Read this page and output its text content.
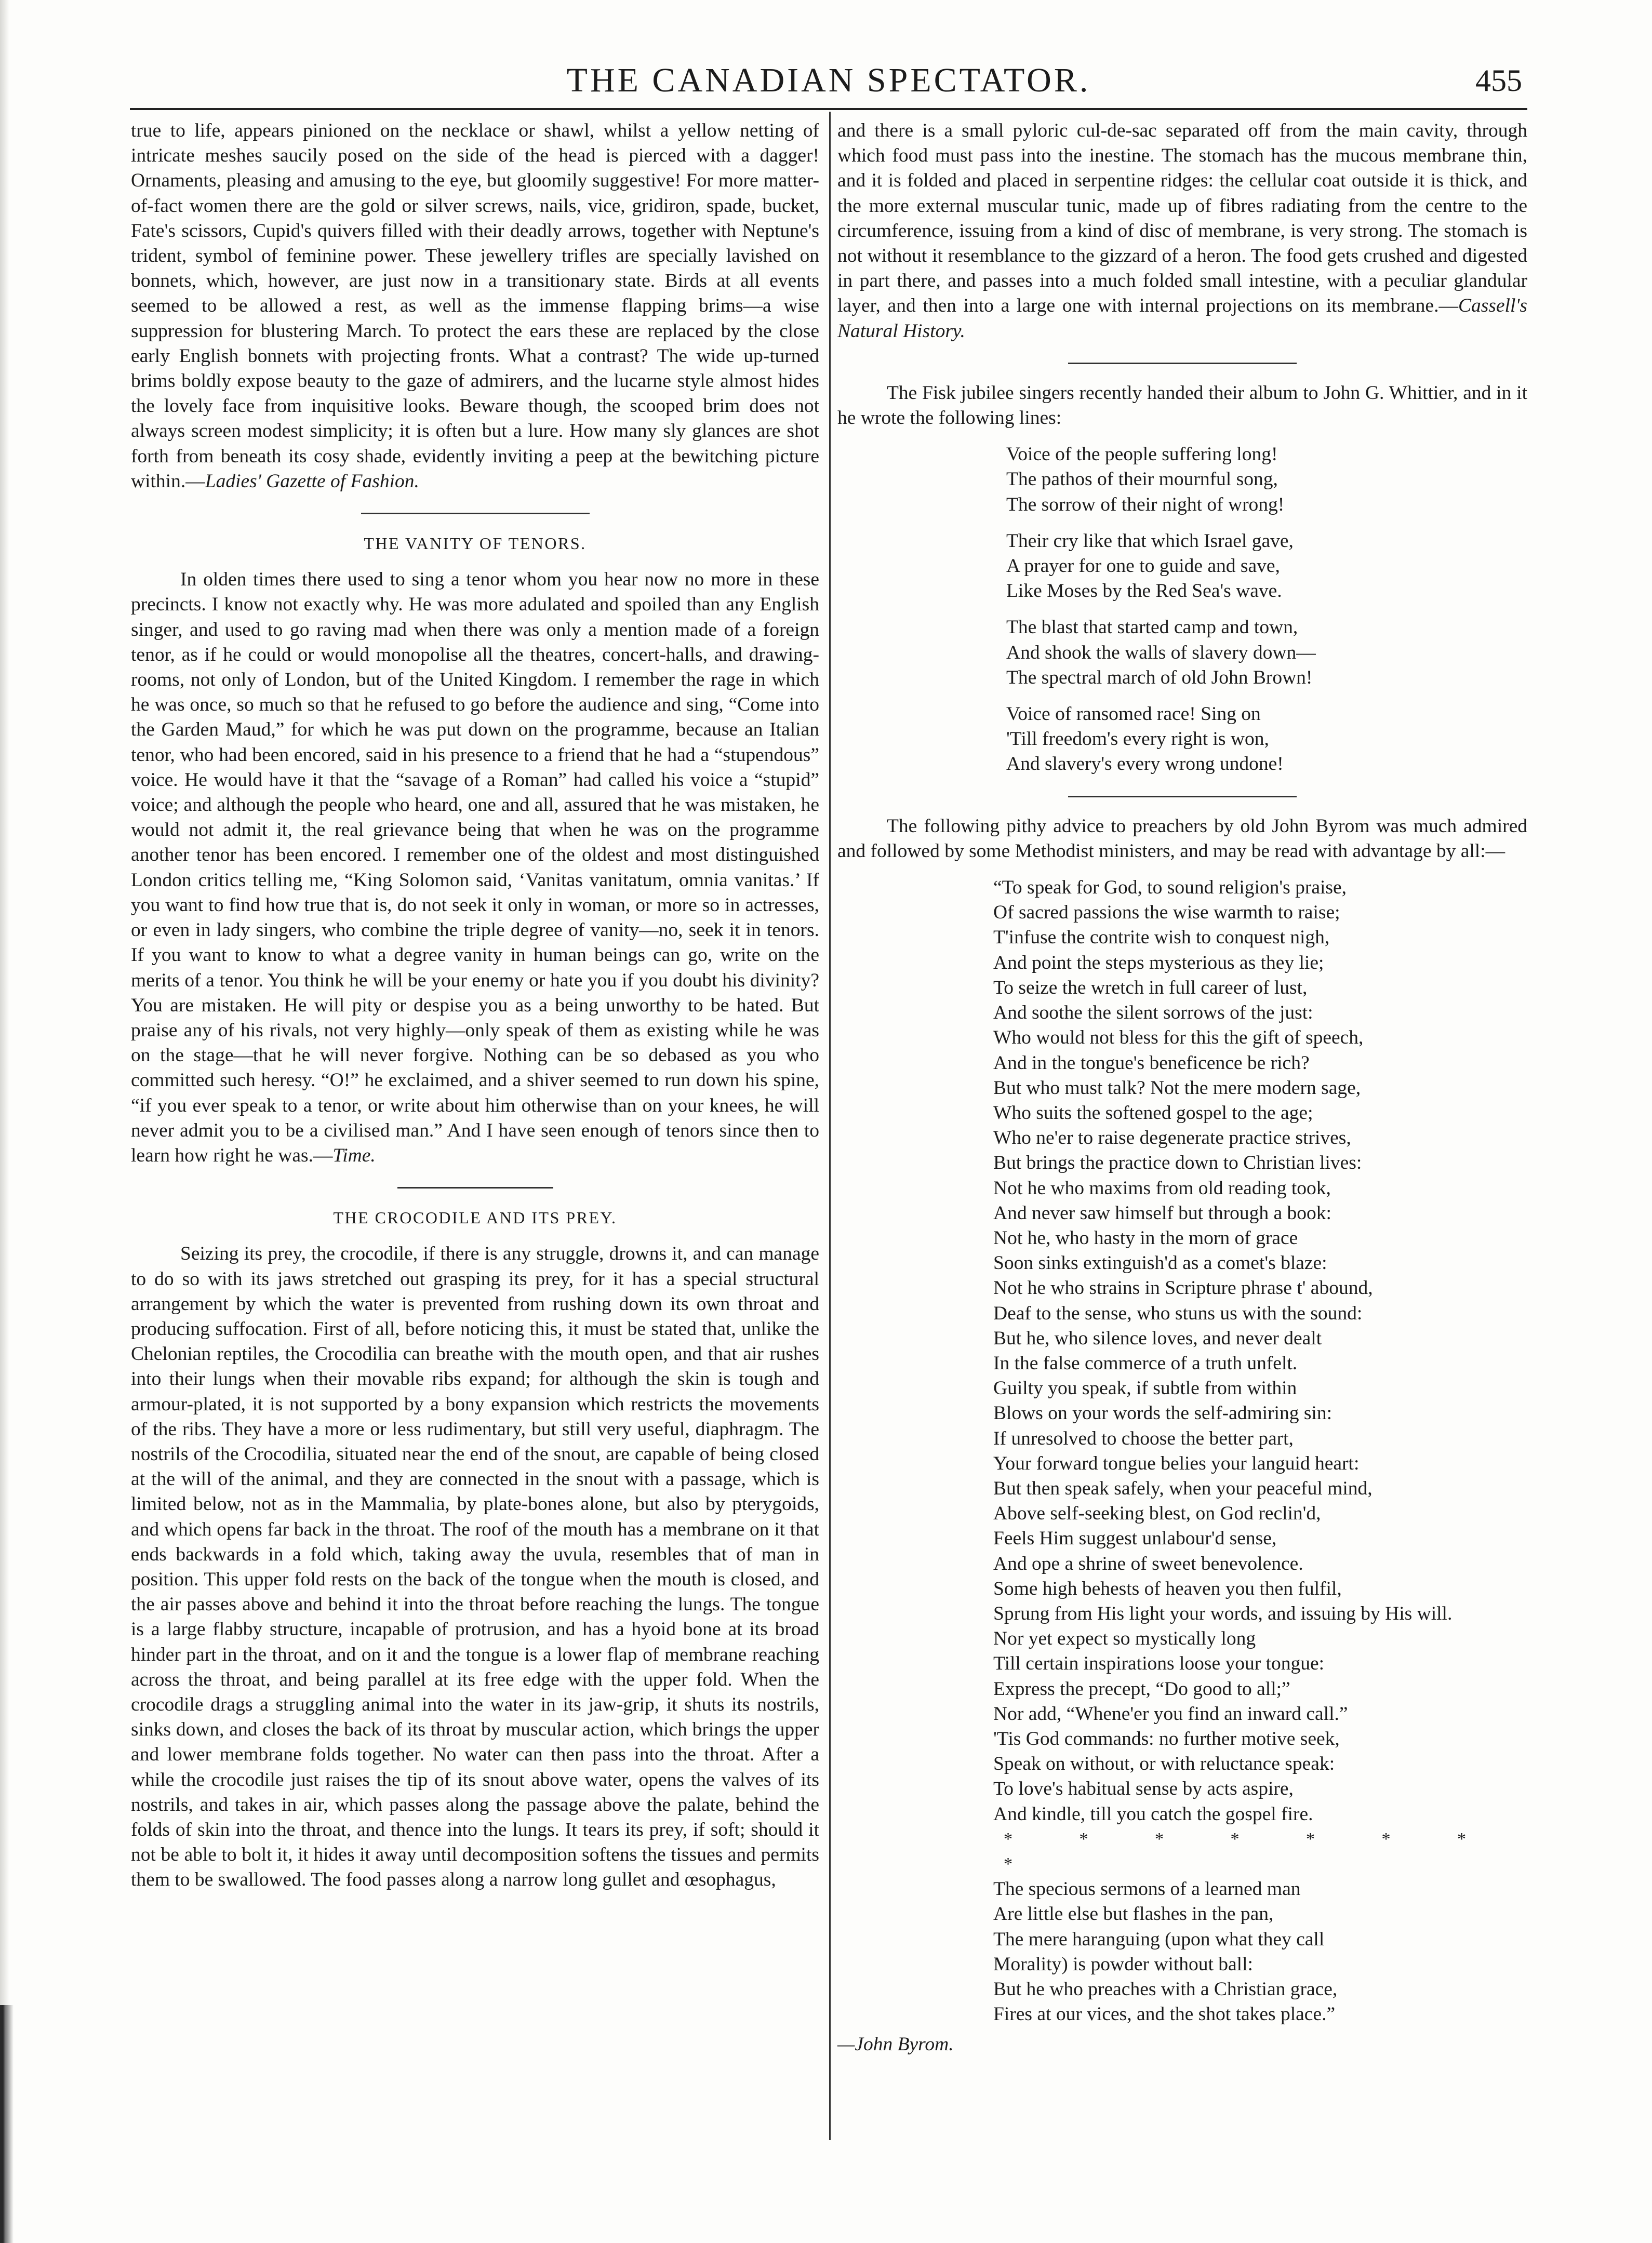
THE CANADIAN SPECTATOR.	455

true to life, appears pinioned on the necklace or shawl, whilst a yellow netting of intricate meshes saucily posed on the side of the head is pierced with a dagger! Ornaments, pleasing and amusing to the eye, but gloomily suggestive! For more matter-of-fact women there are the gold or silver screws, nails, vice, gridiron, spade, bucket, Fate's scissors, Cupid's quivers filled with their deadly arrows, together with Neptune's trident, symbol of feminine power. These jewellery trifles are specially lavished on bonnets, which, however, are just now in a transitionary state. Birds at all events seemed to be allowed a rest, as well as the immense flapping brims—a wise suppression for blustering March. To protect the ears these are replaced by the close early English bonnets with projecting fronts. What a contrast? The wide up-turned brims boldly expose beauty to the gaze of admirers, and the lucarne style almost hides the lovely face from inquisitive looks. Beware though, the scooped brim does not always screen modest simplicity; it is often but a lure. How many sly glances are shot forth from beneath its cosy shade, evidently inviting a peep at the bewitching picture within.—Ladies' Gazette of Fashion.

THE VANITY OF TENORS.

In olden times there used to sing a tenor whom you hear now no more in these precincts. I know not exactly why. He was more adulated and spoiled than any English singer, and used to go raving mad when there was only a mention made of a foreign tenor, as if he could or would monopolise all the theatres, concert-halls, and drawing-rooms, not only of London, but of the United Kingdom. I remember the rage in which he was once, so much so that he refused to go before the audience and sing, “Come into the Garden Maud,” for which he was put down on the programme, because an Italian tenor, who had been encored, said in his presence to a friend that he had a “stupendous” voice. He would have it that the “savage of a Roman” had called his voice a “stupid” voice; and although the people who heard, one and all, assured that he was mistaken, he would not admit it, the real grievance being that when he was on the programme another tenor has been encored. I remember one of the oldest and most distinguished London critics telling me, “King Solomon said, ‘Vanitas vanitatum, omnia vanitas.’ If you want to find how true that is, do not seek it only in woman, or more so in actresses, or even in lady singers, who combine the triple degree of vanity—no, seek it in tenors. If you want to know to what a degree vanity in human beings can go, write on the merits of a tenor. You think he will be your enemy or hate you if you doubt his divinity? You are mistaken. He will pity or despise you as a being unworthy to be hated. But praise any of his rivals, not very highly—only speak of them as existing while he was on the stage—that he will never forgive. Nothing can be so debased as you who committed such heresy. “O!” he exclaimed, and a shiver seemed to run down his spine, “if you ever speak to a tenor, or write about him otherwise than on your knees, he will never admit you to be a civilised man.” And I have seen enough of tenors since then to learn how right he was.—Time.

THE CROCODILE AND ITS PREY.

Seizing its prey, the crocodile, if there is any struggle, drowns it, and can manage to do so with its jaws stretched out grasping its prey, for it has a special structural arrangement by which the water is prevented from rushing down its own throat and producing suffocation. First of all, before noticing this, it must be stated that, unlike the Chelonian reptiles, the Crocodilia can breathe with the mouth open, and that air rushes into their lungs when their movable ribs expand; for although the skin is tough and armour-plated, it is not supported by a bony expansion which restricts the movements of the ribs. They have a more or less rudimentary, but still very useful, diaphragm. The nostrils of the Crocodilia, situated near the end of the snout, are capable of being closed at the will of the animal, and they are connected in the snout with a passage, which is limited below, not as in the Mammalia, by plate-bones alone, but also by pterygoids, and which opens far back in the throat. The roof of the mouth has a membrane on it that ends backwards in a fold which, taking away the uvula, resembles that of man in position. This upper fold rests on the back of the tongue when the mouth is closed, and the air passes above and behind it into the throat before reaching the lungs. The tongue is a large flabby structure, incapable of protrusion, and has a hyoid bone at its broad hinder part in the throat, and on it and the tongue is a lower flap of membrane reaching across the throat, and being parallel at its free edge with the upper fold. When the crocodile drags a struggling animal into the water in its jaw-grip, it shuts its nostrils, sinks down, and closes the back of its throat by muscular action, which brings the upper and lower membrane folds together. No water can then pass into the throat. After a while the crocodile just raises the tip of its snout above water, opens the valves of its nostrils, and takes in air, which passes along the passage above the palate, behind the folds of skin into the throat, and thence into the lungs. It tears its prey, if soft; should it not be able to bolt it, it hides it away until decomposition softens the tissues and permits them to be swallowed. The food passes along a narrow long gullet and œsophagus,

and there is a small pyloric cul-de-sac separated off from the main cavity, through which food must pass into the inestine. The stomach has the mucous membrane thin, and it is folded and placed in serpentine ridges: the cellular coat outside it is thick, and the more external muscular tunic, made up of fibres radiating from the centre to the circumference, issuing from a kind of disc of membrane, is very strong. The stomach is not without it resemblance to the gizzard of a heron. The food gets crushed and digested in part there, and passes into a much folded small intestine, with a peculiar glandular layer, and then into a large one with internal projections on its membrane.—Cassell's Natural History.

The Fisk jubilee singers recently handed their album to John G. Whittier, and in it he wrote the following lines:

Voice of the people suffering long!
The pathos of their mournful song,
The sorrow of their night of wrong!
Their cry like that which Israel gave,
A prayer for one to guide and save,
Like Moses by the Red Sea's wave.
The blast that started camp and town,
And shook the walls of slavery down—
The spectral march of old John Brown!
Voice of ransomed race! Sing on
'Till freedom's every right is won,
And slavery's every wrong undone!

The following pithy advice to preachers by old John Byrom was much admired and followed by some Methodist ministers, and may be read with advantage by all:—

“To speak for God, to sound religion's praise,
Of sacred passions the wise warmth to raise;
T'infuse the contrite wish to conquest nigh,
And point the steps mysterious as they lie;
To seize the wretch in full career of lust,
And soothe the silent sorrows of the just:
Who would not bless for this the gift of speech,
And in the tongue's beneficence be rich?
But who must talk? Not the mere modern sage,
Who suits the softened gospel to the age;
Who ne'er to raise degenerate practice strives,
But brings the practice down to Christian lives:
Not he who maxims from old reading took,
And never saw himself but through a book:
Not he, who hasty in the morn of grace
Soon sinks extinguish'd as a comet's blaze:
Not he who strains in Scripture phrase t' abound,
Deaf to the sense, who stuns us with the sound:
But he, who silence loves, and never dealt
In the false commerce of a truth unfelt.
Guilty you speak, if subtle from within
Blows on your words the self-admiring sin:
If unresolved to choose the better part,
Your forward tongue belies your languid heart:
But then speak safely, when your peaceful mind,
Above self-seeking blest, on God reclin'd,
Feels Him suggest unlabour'd sense,
And ope a shrine of sweet benevolence.
Some high behests of heaven you then fulfil,
Sprung from His light your words, and issuing by His will.
Nor yet expect so mystically long
Till certain inspirations loose your tongue:
Express the precept, “Do good to all;”
Nor add, “Whene'er you find an inward call.”
'Tis God commands: no further motive seek,
Speak on without, or with reluctance speak:
To love's habitual sense by acts aspire,
And kindle, till you catch the gospel fire.
* * * * * * * *
The specious sermons of a learned man
Are little else but flashes in the pan,
The mere haranguing (upon what they call
Morality) is powder without ball:
But he who preaches with a Christian grace,
Fires at our vices, and the shot takes place.”
—John Byrom.
